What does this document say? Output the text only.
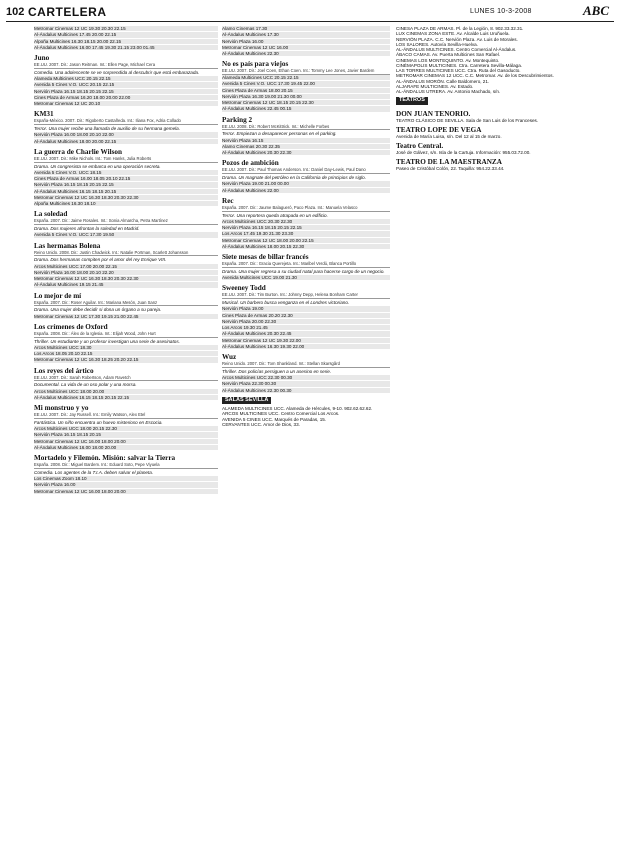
102 CARTELERA	LUNES 10-3-2008	ABC
Metromar Cinemas 12 UC 19.30 20.30 22.15
Al-Ándalus Multicines 17.45 20.00 22.15
Alpoña Multicines 16.30 18.15 20.00 22.15
Al-Ándalus Multicines 16.00 17.45 19.30 21.15 23.00 01.45
Juno
EE.UU. 2007. Dir.: Jason Reitman. Int.: Ellen Page, Michael Cera
Comedia. Una adolescente se ve sorprendida al descubrir que está embarazada.
Alameda Multicines UCC 20.15 22.15
Avenida 5 Cines V.O. UCC 20.15 22.15
Nervión Plaza 16.15 18.15 20.15 22.15
Cines Plaza de Armas 16.20 18.00 20.00 22.00
Metromar Cinemas 12 UC 20.10
KM31
España-México. 2007. Dir.: Rigoberto Castañeda. Int.: Iliana Fox, Adria Collado
Terror. Una mujer recibe una llamada de auxilio de su hermana gemela.
Nervión Plaza 16.00 18.00 20.10 22.00
Al-Ándalus Multicines 18.00 20.00 22.15
La guerra de Charlie Wilson
EE.UU. 2007. Dir.: Mike Nichols. Int.: Tom Hanks, Julia Roberts
Drama. Un congresista se embarca en una operación secreta.
Avenida 5 Cines V.O. UCC 18.15
Cines Plaza de Armas 16.00 18.05 20.10 22.15
Nervión Plaza 16.15 18.15 20.15 22.15
Al-Ándalus Multicines 16.15 18.15 20.15
Metromar Cinemas 12 UC 16.30 18.30 20.30 22.30
Alpoña Multicines 16.30 18.10
La soledad
España. 2007. Dir.: Jaime Rosales. Int.: Sonia Almarcha, Petra Martínez
Drama. Dos mujeres afrontan la soledad en Madrid.
Avenida 5 Cines V.O. UCC 17.30 19.50
Las hermanas Bolena
Reino Unido. 2008. Dir.: Justin Chadwick. Int.: Natalie Portman, Scarlett Johansson
Drama. Dos hermanas compiten por el amor del rey Enrique VIII.
Arcos Multicines UCC 17.00 20.00 22.15
Nervión Plaza 16.00 18.00 20.10 22.20
Metromar Cinemas 12 UC 16.30 18.30 20.30 22.30
Al-Ándalus Multicines 19.15 21.45
Lo mejor de mí
España. 2007. Dir.: Roser Aguilar. Int.: Mariana Mesón, Juan Sanz
Drama. Una mujer debe decidir si dona un órgano a su pareja.
Metromar Cinemas 12 UC 17.30 19.15 21.00 22.45
Los crímenes de Oxford
España. 2008. Dir.: Álex de la Iglesia. Int.: Elijah Wood, John Hurt
Thriller. Un estudiante y un profesor investigan una serie de asesinatos.
Arcos Multicines UCC 18.30
Los Arcos 18.05 20.10 22.15
Metromar Cinemas 12 UC 16.30 18.25 20.20 22.15
Los reyes del ártico
EE.UU. 2007. Dir.: Sarah Robertson, Adam Ravetch
Documental. La vida de un oso polar y una morsa.
Arcos Multicines UCC 18.00 20.00
Al-Ándalus Multicines 16.15 18.15 20.15 22.15
Mi monstruo y yo
EE.UU. 2007. Dir.: Jay Russell. Int.: Emily Watson, Alex Etel
Fantástica. Un niño encuentra un huevo misterioso en Escocia.
Arcos Multicines UCC 18.00 20.15 22.30
Nervión Plaza 16.15 18.15 20.15
Metromar Cinemas 12 UC 16.00 18.00 20.00
Al-Ándalus Multicines 16.00 18.00 20.00
Mortadelo y Filemón. Misión: salvar la Tierra
España. 2008. Dir.: Miguel Bardem. Int.: Eduard Soto, Pepe Viyuela
Comedia. Los agentes de la T.I.A. deben salvar el planeta.
Los Cinemas Zoom 18.10
Nervión Plaza 16.00
Metromar Cinemas 12 UC 16.00 18.00 20.00
Alamo Cinemas 17.30
Al-Ándalus Multicines 17.30
Nervión Plaza 16.00
Metromar Cinemas 12 UC 16.00
Al-Ándalus Multicines 22.30
No es país para viejos
EE.UU. 2007. Dir.: Joel Coen, Ethan Coen. Int.: Tommy Lee Jones, Javier Bardem
Alameda Multicines UCC 20.15 22.15
Avenida 5 Cines V.O. UCC 17.30 19.45 22.00
Cines Plaza de Armas 18.00 20.15
Nervión Plaza 16.30 19.00 21.30 00.00
Metromar Cinemas 12 UC 18.15 20.15 22.30
Al-Ándalus Multicines 22.45 00.15
Parking 2
EE.UU. 2008. Dir.: Robert McKittrick. Int.: Michelle Forbes
Terror. Empiezan a desaparecer personas en el parking.
Nervión Plaza 16.15
Alamo Cinemas 20.30 22.35
Al-Ándalus Multicines 20.30 22.30
Pozos de ambición
EE.UU. 2007. Dir.: Paul Thomas Anderson. Int.: Daniel Day-Lewis, Paul Dano
Drama. Un magnate del petróleo en la California de principios de siglo.
Nervión Plaza 19.00 21.00 00.00
Al-Ándalus Multicines 22.00
Rec
España. 2007. Dir.: Jaume Balagueró, Paco Plaza. Int.: Manuela Velasco
Terror. Una reportera queda atrapada en un edificio.
Arcos Multicines UCC 20.30 22.30
Nervión Plaza 16.15 18.15 20.15 22.15
Los Arcos 17.45 19.30 21.30 23.30
Metromar Cinemas 12 UC 18.00 20.00 22.15
Al-Ándalus Multicines 18.00 20.15 22.30
Siete mesas de billar francés
España. 2007. Dir.: Gracia Querejeta. Int.: Maribel Verdú, Blanca Portillo
Drama. Una mujer regresa a su ciudad natal para hacerse cargo de un negocio.
Avenida Multicines UCC 19.00 21.30
Sweeney Todd
EE.UU. 2007. Dir.: Tim Burton. Int.: Johnny Depp, Helena Bonham Carter
Musical. Un barbero busca venganza en el Londres victoriano.
Nervión Plaza 19.00
Cines Plaza de Armas 20.20 22.30
Nervión Plaza 20.00 22.30
Los Arcos 19.30 21.45
Al-Ándalus Multicines 20.30 22.45
Metromar Cinemas 12 UC 19.30 22.00
Al-Ándalus Multicines 16.30 19.30 22.00
Wuz
Reino Unido. 2007. Dir.: Tom Shankland. Int.: Stellan Skarsgård
Thriller. Dos policías persiguen a un asesino en serie.
Arcos Multicines UCC 22.30 00.30
Nervión Plaza 22.30 00.30
Al-Ándalus Multicines 22.30 00.30
SALAS SEVILLA

ALAMEDA MULTICINES UCC. Alameda de Hércules, 9-10. 902.62.62.62.

ARCOS MULTICINES UCC. Centro Comercial Los Arcos.

AVENIDA 5 CINES UCC. Marqués de Paradas, 15.

CERVANTES UCC. Amor de Dios, 33.

CINESA PLAZA DE ARMAS. Pl. de la Legión, 8. 902.33.32.31.

LUX CINEMAS ZONA ESTE. Av. Alcalde Luis Uruñuela.

NERVIÓN PLAZA. C.C. Nervión Plaza. Av. Luis de Morales.

LOS SALORES. Autovía Sevilla-Huelva.

AL-ÁNDALUS MULTICINES. Centro Comercial Al-Ándalus.

ÁBACO CAMAS. Av. Puerta Multicines San Rafael.

CINEMAS LOS MONTEQUINTO. Av. Montequinto.

CINÉMAPOLIS MULTICINES. Ctra. Carretera Sevilla-Málaga.

LAS TORRES MULTICINES UCC. Ctra. Ruta del Gasoducto.

METROMAR CINEMAS 12 UCC. C.C. Metromar. Av. de los Descubrimientos.

AL-ÁNDALUS MORÓN. Calle Baldomero, 21.

ALJARAFE MULTICINES. Av. Estado.

AL-ÁNDALUS UTRERA. Av. Antonio Machado, s/n.

TEATROS
DON JUAN TENORIO.

TEATRO CLÁSICO DE SEVILLA. Sala de San Luis de los Franceses.

TEATRO LOPE DE VEGA

Avenida de María Luisa, s/n. Del 12 al 15 de marzo.

Teatro Central.

José de Gálvez, s/n. Isla de la Cartuja. Información: 955.03.72.00.

TEATRO DE LA MAESTRANZA

Paseo de Cristóbal Colón, 22. Taquilla: 954.22.33.44.
